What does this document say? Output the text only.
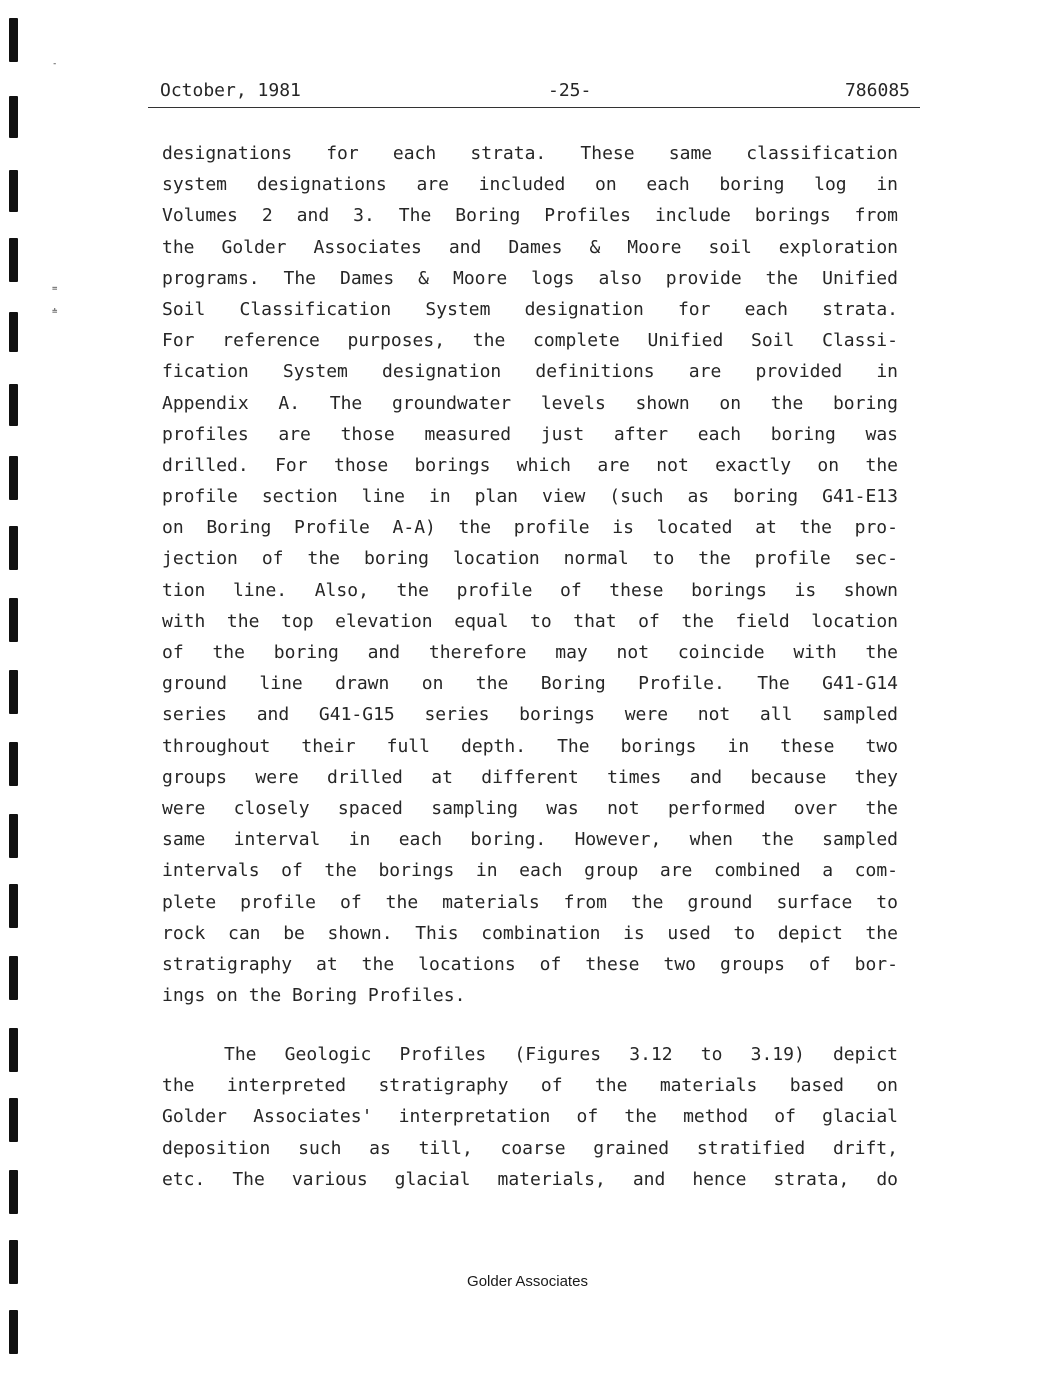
-
=
≐
October, 1981	-25-	786085
designations for each strata. These same classification
system designations are included on each boring log in
Volumes 2 and 3. The Boring Profiles include borings from
the Golder Associates and Dames & Moore soil exploration
programs. The Dames & Moore logs also provide the Unified
Soil Classification System designation for each strata.
For reference purposes, the complete Unified Soil Classi-
fication System designation definitions are provided in
Appendix A. The groundwater levels shown on the boring
profiles are those measured just after each boring was
drilled. For those borings which are not exactly on the
profile section line in plan view (such as boring G41-E13
on Boring Profile A-A) the profile is located at the pro-
jection of the boring location normal to the profile sec-
tion line. Also, the profile of these borings is shown
with the top elevation equal to that of the field location
of the boring and therefore may not coincide with the
ground line drawn on the Boring Profile. The G41-G14
series and G41-G15 series borings were not all sampled
throughout their full depth. The borings in these two
groups were drilled at different times and because they
were closely spaced sampling was not performed over the
same interval in each boring. However, when the sampled
intervals of the borings in each group are combined a com-
plete profile of the materials from the ground surface to
rock can be shown. This combination is used to depict the
stratigraphy at the locations of these two groups of bor-
ings on the Boring Profiles.
The Geologic Profiles (Figures 3.12 to 3.19) depict
the interpreted stratigraphy of the materials based on
Golder Associates' interpretation of the method of glacial
deposition such as till, coarse grained stratified drift,
etc. The various glacial materials, and hence strata, do
Golder Associates
